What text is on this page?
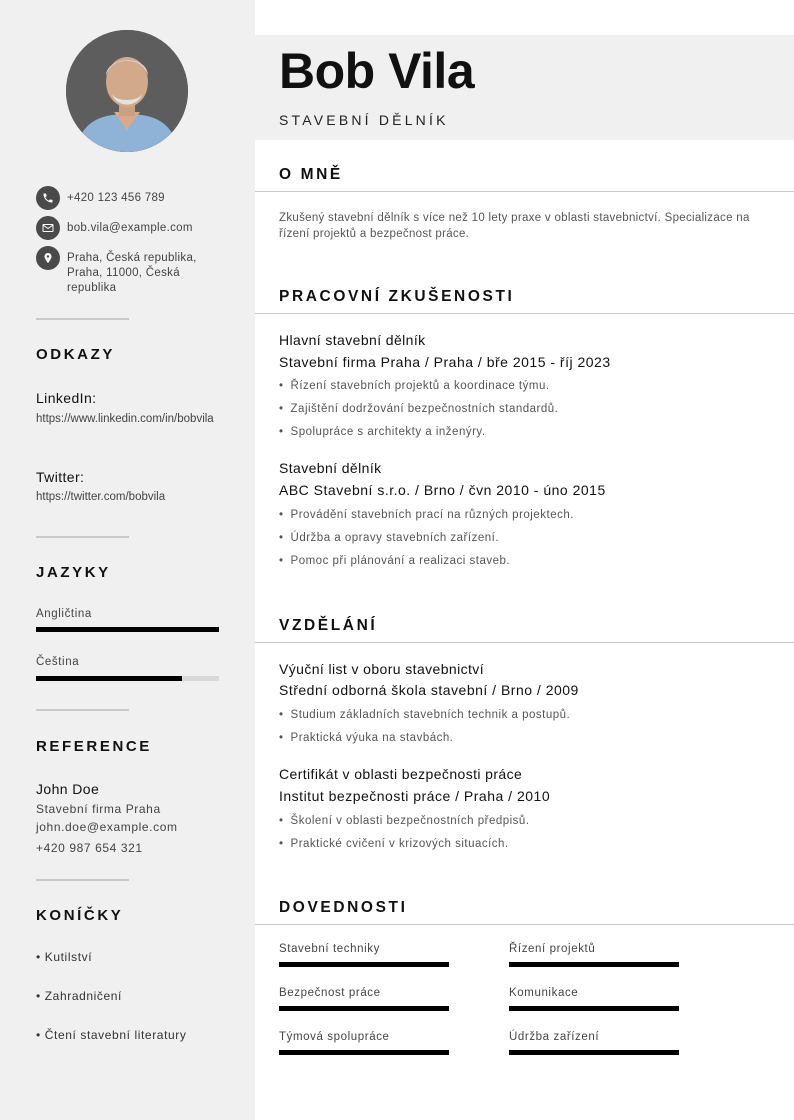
+420 123 456 789
bob.vila@example.com
Praha, Česká republika, Praha, 11000, Česká republika
ODKAZY
LinkedIn:
https://www.linkedin.com/in/bobvila
Twitter:
https://twitter.com/bobvila
JAZYKY
Angličtina
Čeština
REFERENCE
John Doe
Stavební firma Praha
john.doe@example.com
+420 987 654 321
KONÍČKY
• Kutilství
• Zahradničení
• Čtení stavební literatury
Bob Vila
STAVEBNÍ DĚLNÍK
O MNĚ
Zkušený stavební dělník s více než 10 lety praxe v oblasti stavebnictví. Specializace na řízení projektů a bezpečnost práce.
PRACOVNÍ ZKUŠENOSTI
Hlavní stavební dělník
Stavební firma Praha / Praha / bře 2015 - říj 2023
• Řízení stavebních projektů a koordinace týmu.
• Zajištění dodržování bezpečnostních standardů.
• Spolupráce s architekty a inženýry.
Stavební dělník
ABC Stavební s.r.o. / Brno / čvn 2010 - úno 2015
• Provádění stavebních prací na různých projektech.
• Údržba a opravy stavebních zařízení.
• Pomoc při plánování a realizaci staveb.
VZDĚLÁNÍ
Výuční list v oboru stavebnictví
Střední odborná škola stavební / Brno / 2009
• Studium základních stavebních technik a postupů.
• Praktická výuka na stavbách.
Certifikát v oblasti bezpečnosti práce
Institut bezpečnosti práce / Praha / 2010
• Školení v oblasti bezpečnostních předpisů.
• Praktické cvičení v krizových situacích.
DOVEDNOSTI
Stavební techniky	Řízení projektů
Bezpečnost práce	Komunikace
Týmová spolupráce	Údržba zařízení
